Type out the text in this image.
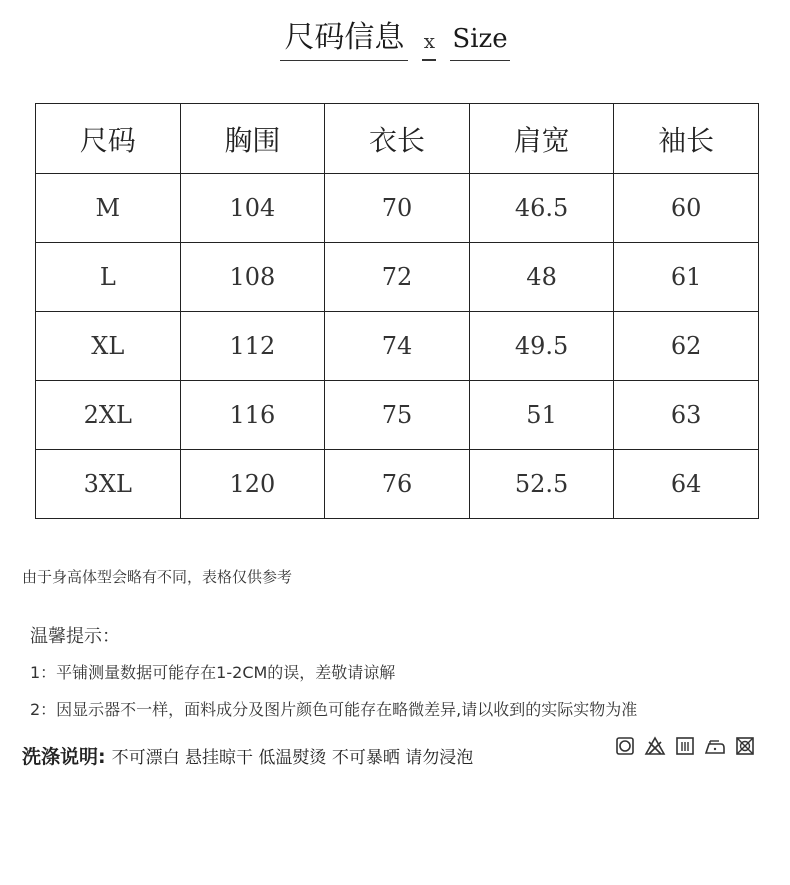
尺码信息 x Size
尺码	胸围	衣长	肩宽	袖长
M	104	70	46.5	60
L	108	72	48	61
XL	112	74	49.5	62
2XL	116	75	51	63
3XL	120	76	52.5	64
由于身高体型会略有不同，表格仅供参考
温馨提示：
1：平铺测量数据可能存在1-2CM的误，差敬请谅解
2：因显示器不一样，面料成分及图片颜色可能存在略微差异,请以收到的实际实物为准
洗涤说明: 不可漂白 悬挂晾干 低温熨烫 不可暴晒 请勿浸泡
